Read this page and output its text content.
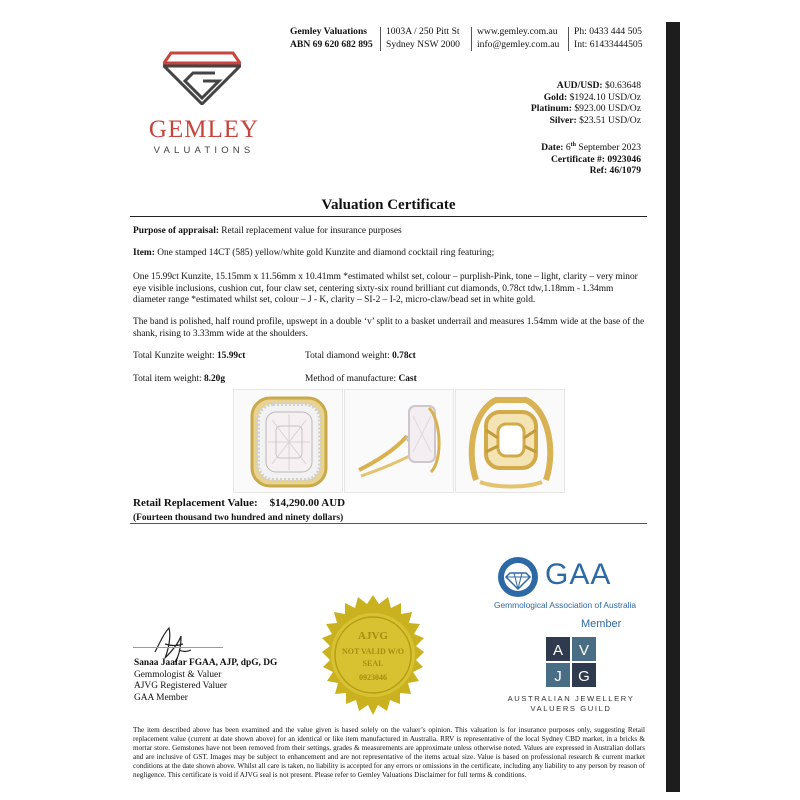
Gemley Valuations
ABN 69 620 682 895
1003A / 250 Pitt St
Sydney NSW 2000
www.gemley.com.au
info@gemley.com.au
Ph: 0433 444 505
Int: 61433444505
GEMLEY
VALUATIONS
AUD/USD: $0.63648
Gold: $1924.10 USD/Oz
Platinum: $923.00 USD/Oz
Silver: $23.51 USD/Oz
Date: 6th September 2023
Certificate #: 0923046
Ref: 46/1079
Valuation Certificate
Purpose of appraisal: Retail replacement value for insurance purposes
Item: One stamped 14CT (585) yellow/white gold Kunzite and diamond cocktail ring featuring;
One 15.99ct Kunzite, 15.15mm x 11.56mm x 10.41mm *estimated whilst set, colour – purplish-Pink, tone – light, clarity – very minor eye visible inclusions, cushion cut, four claw set, centering sixty-six round brilliant cut diamonds, 0.78ct tdw,1.18mm - 1.34mm diameter range *estimated whilst set, colour – J - K, clarity – SI-2 – I-2, micro-claw/bead set in white gold.
The band is polished, half round profile, upswept in a double ‘v’ split to a basket underrail and measures 1.54mm wide at the base of the shank, rising to 3.33mm wide at the shoulders.
Total Kunzite weight: 15.99ct	Total diamond weight: 0.78ct
Total item weight: 8.20g	Method of manufacture: Cast
Retail Replacement Value: $14,290.00 AUD
(Fourteen thousand two hundred and ninety dollars)
GAA
Gemmological Association of Australia
Member
A V
J G
AUSTRALIAN JEWELLERY
VALUERS GUILD
AJVG
NOT VALID W/O
SEAL
0923046
Sanaa Jaafar FGAA, AJP, dpG, DG
Gemmologist & Valuer
AJVG Registered Valuer
GAA Member
The item described above has been examined and the value given is based solely on the valuer’s opinion. This valuation is for insurance purposes only, suggesting Retail replacement value (current at date shown above) for an identical or like item manufactured in Australia. RRV is representative of the local Sydney CBD market, in a bricks & mortar store. Gemstones have not been removed from their settings, grades & measurements are approximate unless otherwise noted. Values are expressed in Australian dollars and are inclusive of GST. Images may be subject to enhancement and are not representative of the items actual size. Value is based on professional research & current market conditions at the date shown above. Whilst all care is taken, no liability is accepted for any errors or omissions in the certificate, including any liability to any person by reason of negligence. This certificate is void if AJVG seal is not present. Please refer to Gemley Valuations Disclaimer for full terms & conditions.
